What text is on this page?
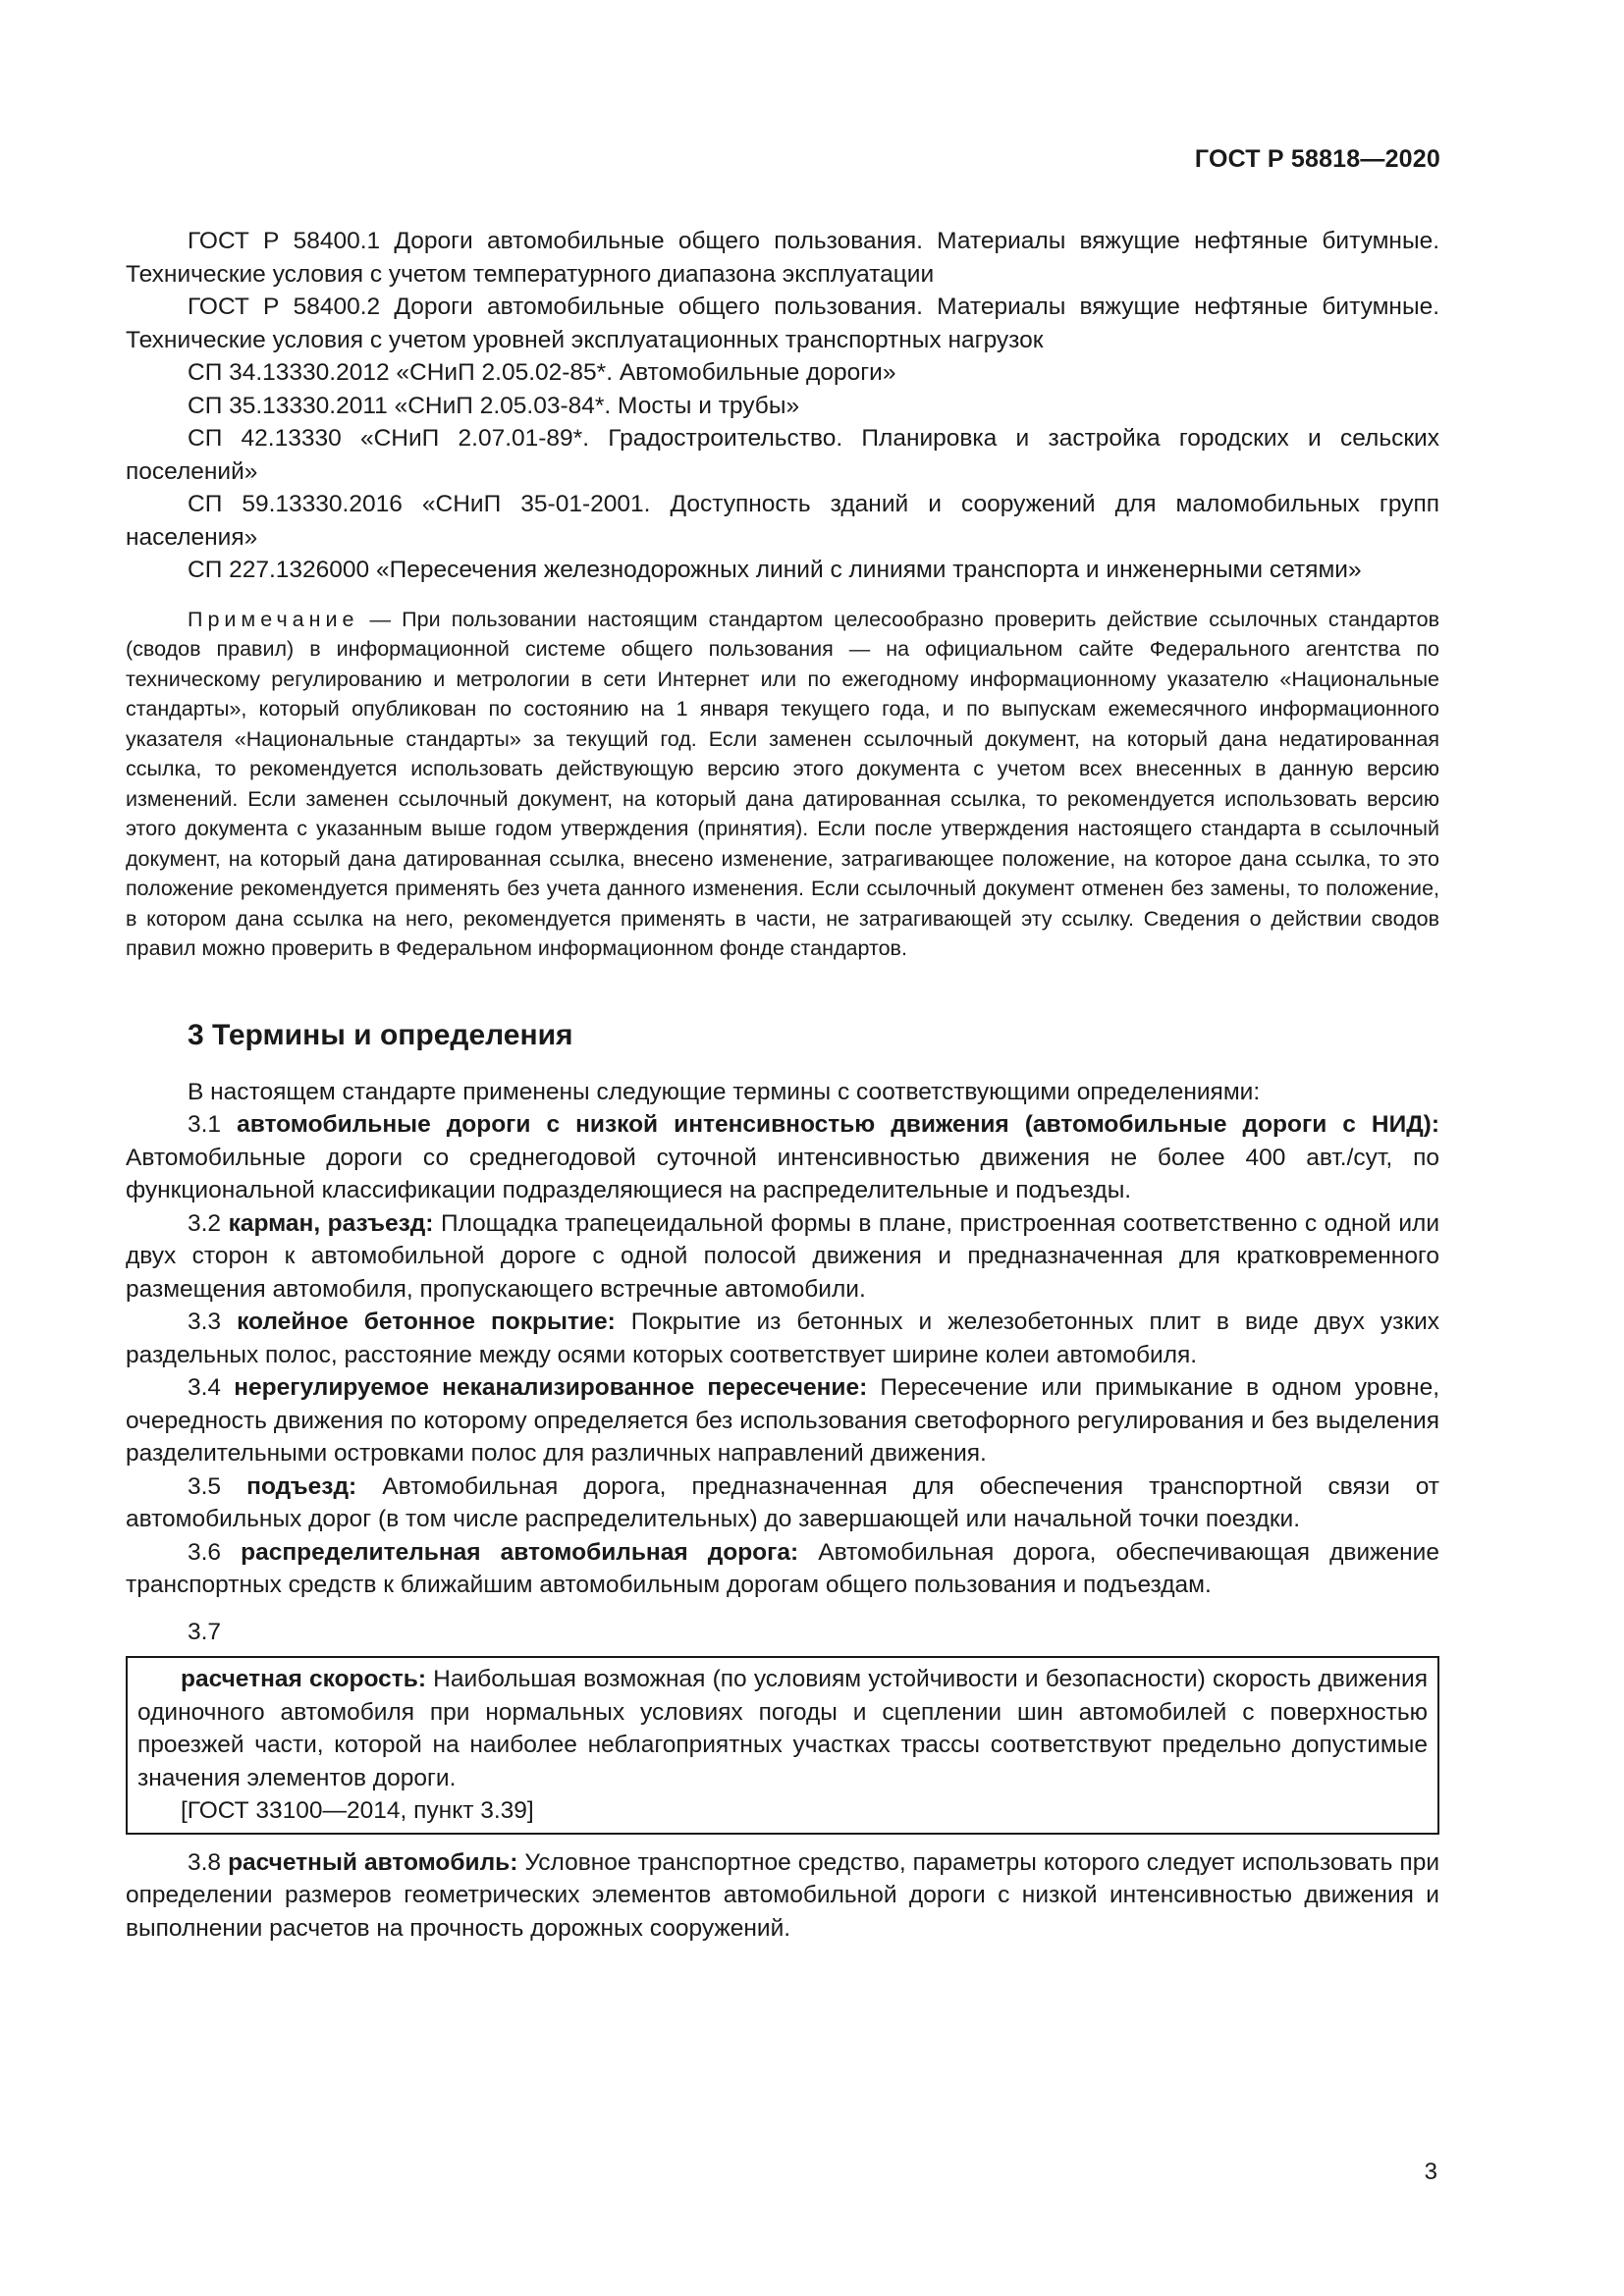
ГОСТ Р 58818—2020

ГОСТ Р 58400.1 Дороги автомобильные общего пользования. Материалы вяжущие нефтяные битумные. Технические условия с учетом температурного диапазона эксплуатации

ГОСТ Р 58400.2 Дороги автомобильные общего пользования. Материалы вяжущие нефтяные битумные. Технические условия с учетом уровней эксплуатационных транспортных нагрузок

СП 34.13330.2012 «СНиП 2.05.02-85*. Автомобильные дороги»

СП 35.13330.2011 «СНиП 2.05.03-84*. Мосты и трубы»

СП 42.13330 «СНиП 2.07.01-89*. Градостроительство. Планировка и застройка городских и сельских поселений»

СП 59.13330.2016 «СНиП 35-01-2001. Доступность зданий и сооружений для маломобильных групп населения»

СП 227.1326000 «Пересечения железнодорожных линий с линиями транспорта и инженерными сетями»

Примечание — При пользовании настоящим стандартом целесообразно проверить действие ссылочных стандартов (сводов правил) в информационной системе общего пользования — на официальном сайте Федерального агентства по техническому регулированию и метрологии в сети Интернет или по ежегодному информационному указателю «Национальные стандарты», который опубликован по состоянию на 1 января текущего года, и по выпускам ежемесячного информационного указателя «Национальные стандарты» за текущий год. Если заменен ссылочный документ, на который дана недатированная ссылка, то рекомендуется использовать действующую версию этого документа с учетом всех внесенных в данную версию изменений. Если заменен ссылочный документ, на который дана датированная ссылка, то рекомендуется использовать версию этого документа с указанным выше годом утверждения (принятия). Если после утверждения настоящего стандарта в ссылочный документ, на который дана датированная ссылка, внесено изменение, затрагивающее положение, на которое дана ссылка, то это положение рекомендуется применять без учета данного изменения. Если ссылочный документ отменен без замены, то положение, в котором дана ссылка на него, рекомендуется применять в части, не затрагивающей эту ссылку. Сведения о действии сводов правил можно проверить в Федеральном информационном фонде стандартов.

3 Термины и определения

В настоящем стандарте применены следующие термины с соответствующими определениями:

3.1 автомобильные дороги с низкой интенсивностью движения (автомобильные дороги с НИД): Автомобильные дороги со среднегодовой суточной интенсивностью движения не более 400 авт./сут, по функциональной классификации подразделяющиеся на распределительные и подъезды.

3.2 карман, разъезд: Площадка трапецеидальной формы в плане, пристроенная соответственно с одной или двух сторон к автомобильной дороге с одной полосой движения и предназначенная для кратковременного размещения автомобиля, пропускающего встречные автомобили.

3.3 колейное бетонное покрытие: Покрытие из бетонных и железобетонных плит в виде двух узких раздельных полос, расстояние между осями которых соответствует ширине колеи автомобиля.

3.4 нерегулируемое неканализированное пересечение: Пересечение или примыкание в одном уровне, очередность движения по которому определяется без использования светофорного регулирования и без выделения разделительными островками полос для различных направлений движения.

3.5 подъезд: Автомобильная дорога, предназначенная для обеспечения транспортной связи от автомобильных дорог (в том числе распределительных) до завершающей или начальной точки поездки.

3.6 распределительная автомобильная дорога: Автомобильная дорога, обеспечивающая движение транспортных средств к ближайшим автомобильным дорогам общего пользования и подъездам.

3.7

расчетная скорость: Наибольшая возможная (по условиям устойчивости и безопасности) скорость движения одиночного автомобиля при нормальных условиях погоды и сцеплении шин автомобилей с поверхностью проезжей части, которой на наиболее неблагоприятных участках трассы соответствуют предельно допустимые значения элементов дороги.

[ГОСТ 33100—2014, пункт 3.39]

3.8 расчетный автомобиль: Условное транспортное средство, параметры которого следует использовать при определении размеров геометрических элементов автомобильной дороги с низкой интенсивностью движения и выполнении расчетов на прочность дорожных сооружений.

3
